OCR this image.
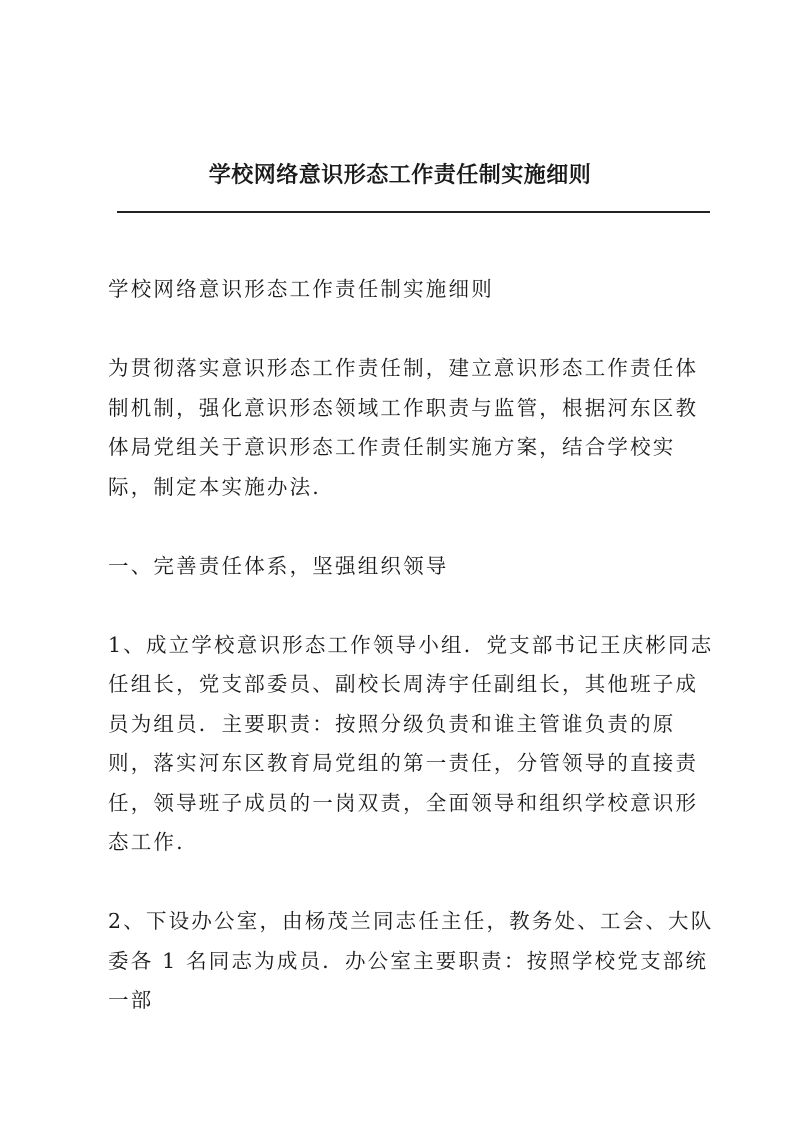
学校网络意识形态工作责任制实施细则

学校网络意识形态工作责任制实施细则

为贯彻落实意识形态工作责任制，建立意识形态工作责任体制机制，强化意识形态领域工作职责与监管，根据河东区教体局党组关于意识形态工作责任制实施方案，结合学校实际，制定本实施办法.

一、完善责任体系，坚强组织领导

1、成立学校意识形态工作领导小组．党支部书记王庆彬同志任组长，党支部委员、副校长周涛宇任副组长，其他班子成员为组员．主要职责：按照分级负责和谁主管谁负责的原则，落实河东区教育局党组的第一责任，分管领导的直接责任，领导班子成员的一岗双责，全面领导和组织学校意识形态工作.

2、下设办公室，由杨茂兰同志任主任，教务处、工会、大队委各 1 名同志为成员．办公室主要职责：按照学校党支部统一部
